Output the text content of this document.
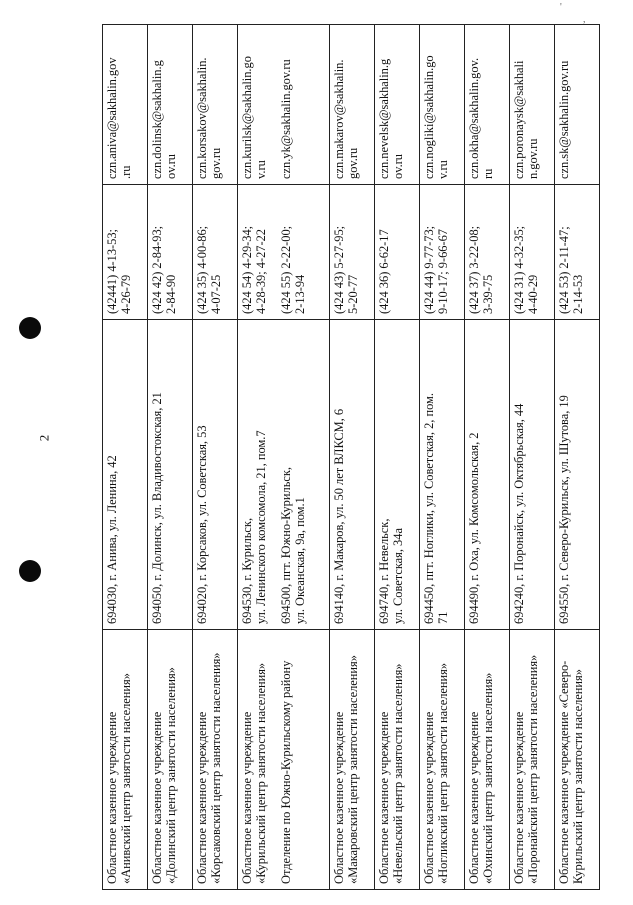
2
'
,
Областное казенное учреждение «Анивский центр занятости населения»	694030, г. Анива, ул. Ленина, 42	(42441) 4-13-53; 4-26-79	czn.aniva@sakhalin.gov .ru

Областное казенное учреждение «Долинский центр занятости населения»	694050, г. Долинск, ул. Владивостокская, 21	(424 42) 2-84-93; 2-84-90	czn.dolinsk@sakhalin.g ov.ru

Областное казенное учреждение «Корсаковский центр занятости населения»	694020, г. Корсаков, ул. Советская, 53	(424 35) 4-00-86; 4-07-25	czn.korsakov@sakhalin. gov.ru

Областное казенное учреждение «Курильский центр занятости населения» Отделение по Южно-Курильскому району	694530, г. Курильск, ул. Ленинского комсомола, 21, пом.7 694500, пгт. Южно-Курильск, ул. Океанская, 9а, пом.1	(424 54) 4-29-34; 4-28-39; 4-27-22 (424 55) 2-22-00; 2-13-94	czn.kurilsk@sakhalin.go v.ru czn.yk@sakhalin.gov.ru

Областное казенное учреждение «Макаровский центр занятости населения»	694140, г. Макаров, ул. 50 лет ВЛКСМ, 6	(424 43) 5-27-95; 5-20-77	czn.makarov@sakhalin. gov.ru

Областное казенное учреждение «Невельский центр занятости населения»	694740, г. Невельск, ул. Советская, 34а	(424 36) 6-62-17	czn.nevelsk@sakhalin.g ov.ru

Областное казенное учреждение «Ногликский центр занятости населения»	694450, пгт. Ноглики, ул. Советская, 2, пом. 71	(424 44) 9-77-73; 9-10-17; 9-66-67	czn.nogliki@sakhalin.go v.ru

Областное казенное учреждение «Охинский центр занятости населения»	694490, г. Оха, ул. Комсомольская, 2	(424 37) 3-22-08; 3-39-75	czn.okha@sakhalin.gov. ru

Областное казенное учреждение «Поронайский центр занятости населения»	694240, г. Поронайск, ул. Октябрьская, 44	(424 31) 4-32-35; 4-40-29	czn.poronaysk@sakhali n.gov.ru

Областное казенное учреждение «Северо- Курильский центр занятости населения»	694550, г. Северо-Курильск, ул. Шутова, 19	(424 53) 2-11-47; 2-14-53	czn.sk@sakhalin.gov.ru
